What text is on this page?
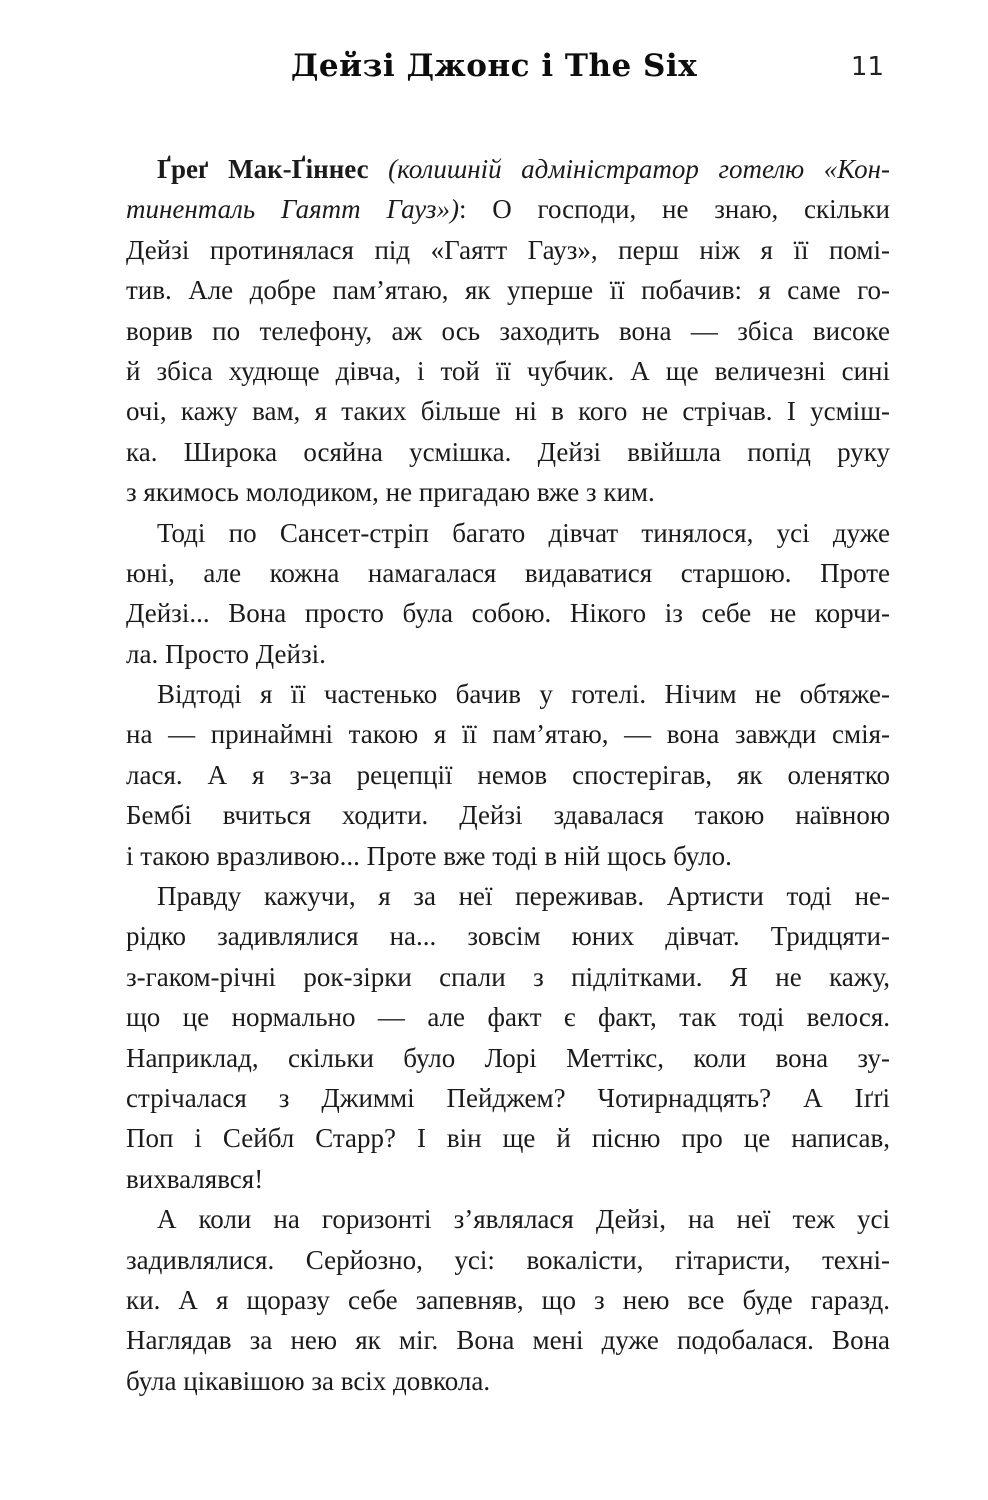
Дейзі Джонс і The Six	11
Ґреґ Мак-Ґіннес (колишній адміністратор готелю «Кон-
тиненталь Гаятт Гауз»): О господи, не знаю, скільки
Дейзі протинялася під «Гаятт Гауз», перш ніж я її помі-
тив. Але добре пам’ятаю, як уперше її побачив: я саме го-
ворив по телефону, аж ось заходить вона — збіса високе
й збіса худюще дівча, і той її чубчик. А ще величезні сині
очі, кажу вам, я таких більше ні в кого не стрічав. І усміш-
ка. Широка осяйна усмішка. Дейзі ввійшла попід руку
з якимось молодиком, не пригадаю вже з ким.
Тоді по Сансет-стріп багато дівчат тинялося, усі дуже
юні, але кожна намагалася видаватися старшою. Проте
Дейзі... Вона просто була собою. Нікого із себе не корчи-
ла. Просто Дейзі.
Відтоді я її частенько бачив у готелі. Нічим не обтяже-
на — принаймні такою я її пам’ятаю, — вона завжди смія-
лася. А я з-за рецепції немов спостерігав, як оленятко
Бембі вчиться ходити. Дейзі здавалася такою наївною
і такою вразливою... Проте вже тоді в ній щось було.
Правду кажучи, я за неї переживав. Артисти тоді не-
рідко задивлялися на... зовсім юних дівчат. Тридцяти-
з-гаком-річні рок-зірки спали з підлітками. Я не кажу,
що це нормально — але факт є факт, так тоді велося.
Наприклад, скільки було Лорі Меттікс, коли вона зу-
стрічалася з Джиммі Пейджем? Чотирнадцять? А Іґґі
Поп і Сейбл Старр? І він ще й пісню про це написав,
вихвалявся!
А коли на горизонті з’являлася Дейзі, на неї теж усі
задивлялися. Серйозно, усі: вокалісти, гітаристи, техні-
ки. А я щоразу себе запевняв, що з нею все буде гаразд.
Наглядав за нею як міг. Вона мені дуже подобалася. Вона
була цікавішою за всіх довкола.
